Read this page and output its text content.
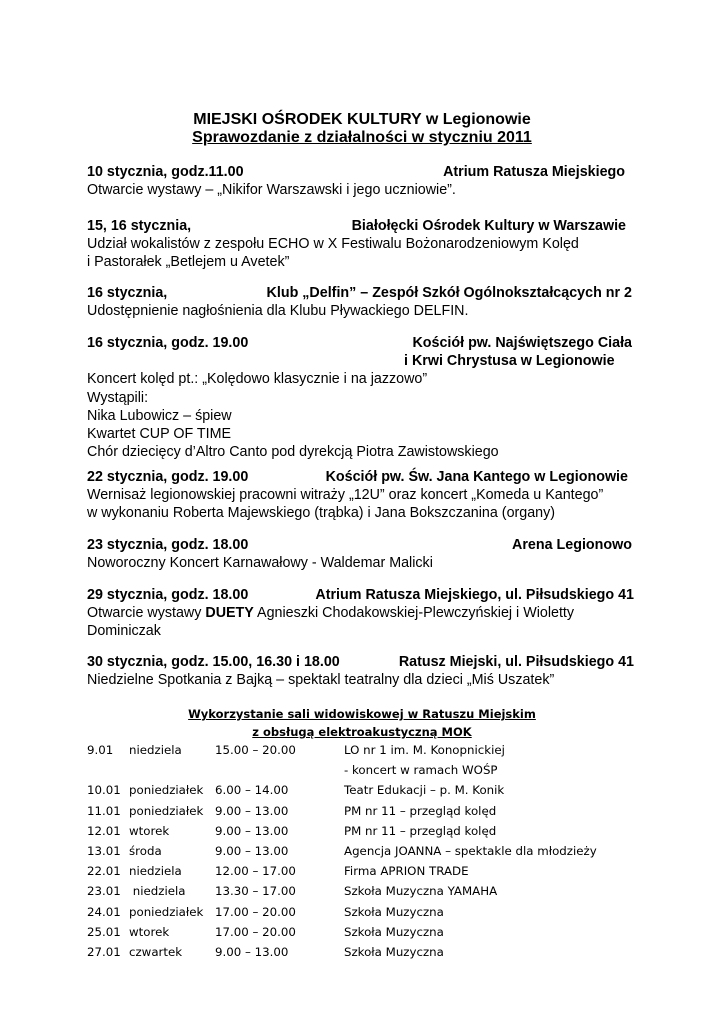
MIEJSKI OŚRODEK KULTURY w Legionowie
Sprawozdanie z działalności w styczniu 2011
10 stycznia, godz.11.00	Atrium Ratusza Miejskiego
Otwarcie wystawy – „Nikifor Warszawski i jego uczniowie”.
15, 16 stycznia,	Białołęcki Ośrodek Kultury w Warszawie
Udział wokalistów z zespołu ECHO w X Festiwalu Bożonarodzeniowym Kolęd
i Pastorałek „Betlejem u Avetek”
16 stycznia,	Klub „Delfin” – Zespół Szkół Ogólnokształcących nr 2
Udostępnienie nagłośnienia dla Klubu Pływackiego DELFIN.
16 stycznia, godz. 19.00	Kościół pw. Najświętszego Ciała
i Krwi Chrystusa w Legionowie
Koncert kolęd pt.: „Kolędowo klasycznie i na jazzowo”
Wystąpili:
Nika Lubowicz – śpiew
Kwartet CUP OF TIME
Chór dziecięcy d’Altro Canto pod dyrekcją Piotra Zawistowskiego
22 stycznia, godz. 19.00	Kościół pw. Św. Jana Kantego w Legionowie
Wernisaż legionowskiej pracowni witraży „12U” oraz koncert „Komeda u Kantego”
w wykonaniu Roberta Majewskiego (trąbka) i Jana Bokszczanina (organy)
23 stycznia, godz. 18.00	Arena Legionowo
Noworoczny Koncert Karnawałowy - Waldemar Malicki
29 stycznia, godz. 18.00	Atrium Ratusza Miejskiego, ul. Piłsudskiego 41
Otwarcie wystawy DUETY Agnieszki Chodakowskiej-Plewczyńskiej i Wioletty
Dominiczak
30 stycznia, godz. 15.00, 16.30 i 18.00	Ratusz Miejski, ul. Piłsudskiego 41
Niedzielne Spotkania z Bajką – spektakl teatralny dla dzieci „Miś Uszatek”
Wykorzystanie sali widowiskowej w Ratuszu Miejskim
z obsługą elektroakustyczną MOK
9.01 niedziela	15.00 – 20.00	LO nr 1 im. M. Konopnickiej
- koncert w ramach WOŚP
10.01 poniedziałek 6.00 – 14.00	Teatr Edukacji – p. M. Konik
11.01 poniedziałek 9.00 – 13.00	PM nr 11 – przegląd kolęd
12.01 wtorek	9.00 – 13.00	PM nr 11 – przegląd kolęd
13.01 środa	9.00 – 13.00	Agencja JOANNA – spektakle dla młodzieży
22.01 niedziela	12.00 – 17.00	Firma APRION TRADE
23.01 niedziela	13.30 – 17.00	Szkoła Muzyczna YAMAHA
24.01 poniedziałek 17.00 – 20.00	Szkoła Muzyczna
25.01 wtorek	17.00 – 20.00	Szkoła Muzyczna
27.01 czwartek	9.00 – 13.00	Szkoła Muzyczna
